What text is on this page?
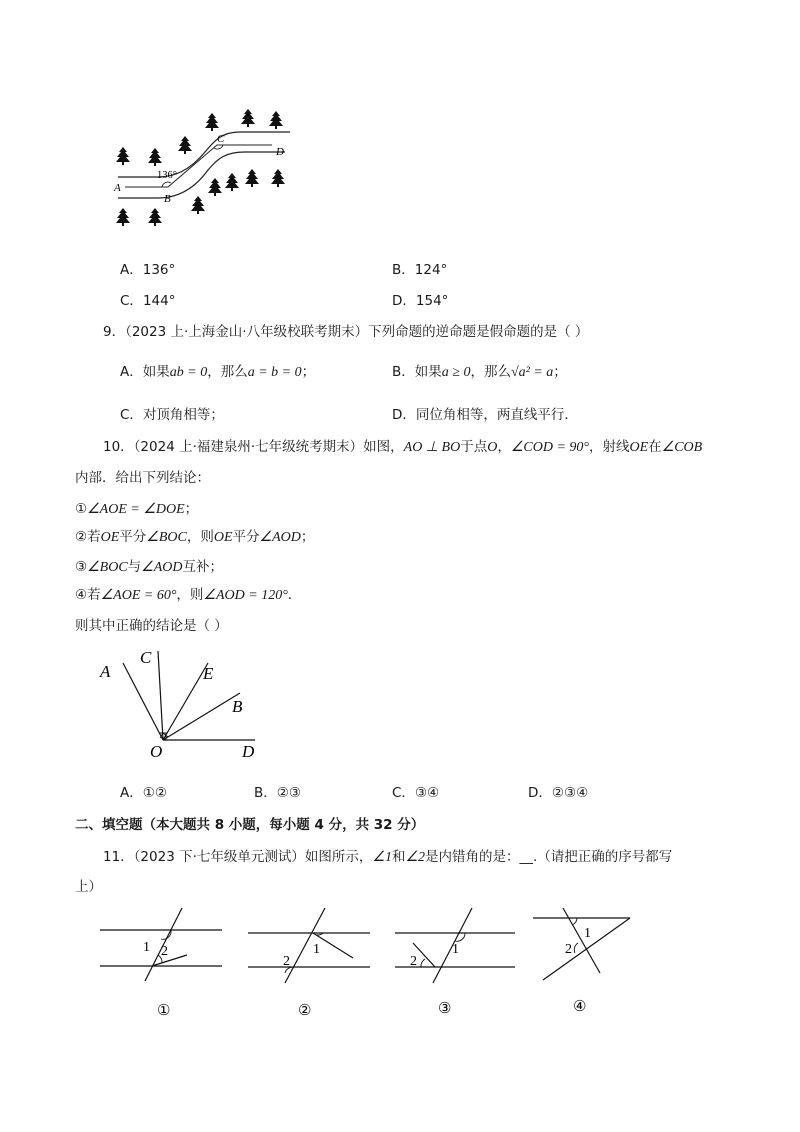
A
B
C
D
136°
A．136°	B．124°
C．144°	D．154°
9．（2023 上·上海金山·八年级校联考期末）下列命题的逆命题是假命题的是（ ）
A．如果ab = 0，那么a = b = 0；	B．如果a ≥ 0，那么√a² = a；
C．对顶角相等；	D．同位角相等，两直线平行．
10．（2024 上·福建泉州·七年级统考期末）如图，AO ⊥ BO于点O，∠COD = 90°，射线OE在∠COB
内部．给出下列结论：
①∠AOE = ∠DOE；
②若OE平分∠BOC，则OE平分∠AOD；
③∠BOC与∠AOD互补；
④若∠AOE = 60°，则∠AOD = 120°．
则其中正确的结论是（ ）
A
C
E
B
O	D
A．①②	B．②③	C．③④	D．②③④
二、填空题（本大题共 8 小题，每小题 4 分，共 32 分）
11．（2023 下·七年级单元测试）如图所示，∠1和∠2是内错角的是：__.（请把正确的序号都写
上）
1 2
①
1
2
②
1
2
③
1
2
④
